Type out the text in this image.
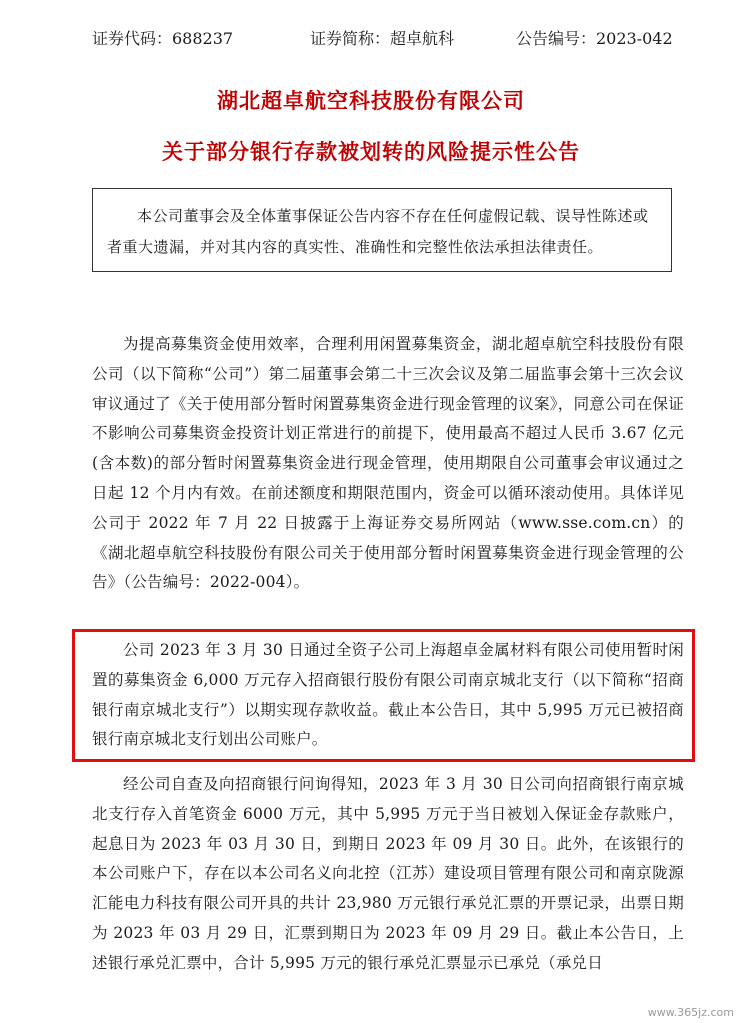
证券代码：688237	证券简称：超卓航科	公告编号：2023-042
湖北超卓航空科技股份有限公司
关于部分银行存款被划转的风险提示性公告
本公司董事会及全体董事保证公告内容不存在任何虚假记载、误导性陈述或者重大遗漏，并对其内容的真实性、准确性和完整性依法承担法律责任。
为提高募集资金使用效率，合理利用闲置募集资金，湖北超卓航空科技股份有限公司（以下简称“公司”）第二届董事会第二十三次会议及第二届监事会第十三次会议审议通过了《关于使用部分暂时闲置募集资金进行现金管理的议案》，同意公司在保证不影响公司募集资金投资计划正常进行的前提下，使用最高不超过人民币 3.67 亿元(含本数)的部分暂时闲置募集资金进行现金管理，使用期限自公司董事会审议通过之日起 12 个月内有效。在前述额度和期限范围内，资金可以循环滚动使用。具体详见公司于 2022 年 7 月 22 日披露于上海证券交易所网站（www.sse.com.cn）的《湖北超卓航空科技股份有限公司关于使用部分暂时闲置募集资金进行现金管理的公告》（公告编号：2022-004）。
公司 2023 年 3 月 30 日通过全资子公司上海超卓金属材料有限公司使用暂时闲置的募集资金 6,000 万元存入招商银行股份有限公司南京城北支行（以下简称“招商银行南京城北支行”）以期实现存款收益。截止本公告日，其中 5,995 万元已被招商银行南京城北支行划出公司账户。
经公司自查及向招商银行问询得知，2023 年 3 月 30 日公司向招商银行南京城北支行存入首笔资金 6000 万元，其中 5,995 万元于当日被划入保证金存款账户，起息日为 2023 年 03 月 30 日，到期日 2023 年 09 月 30 日。此外，在该银行的本公司账户下，存在以本公司名义向北控（江苏）建设项目管理有限公司和南京陇源汇能电力科技有限公司开具的共计 23,980 万元银行承兑汇票的开票记录，出票日期为 2023 年 03 月 29 日，汇票到期日为 2023 年 09 月 29 日。截止本公告日，上述银行承兑汇票中，合计 5,995 万元的银行承兑汇票显示已承兑（承兑日
www.365jz.com
